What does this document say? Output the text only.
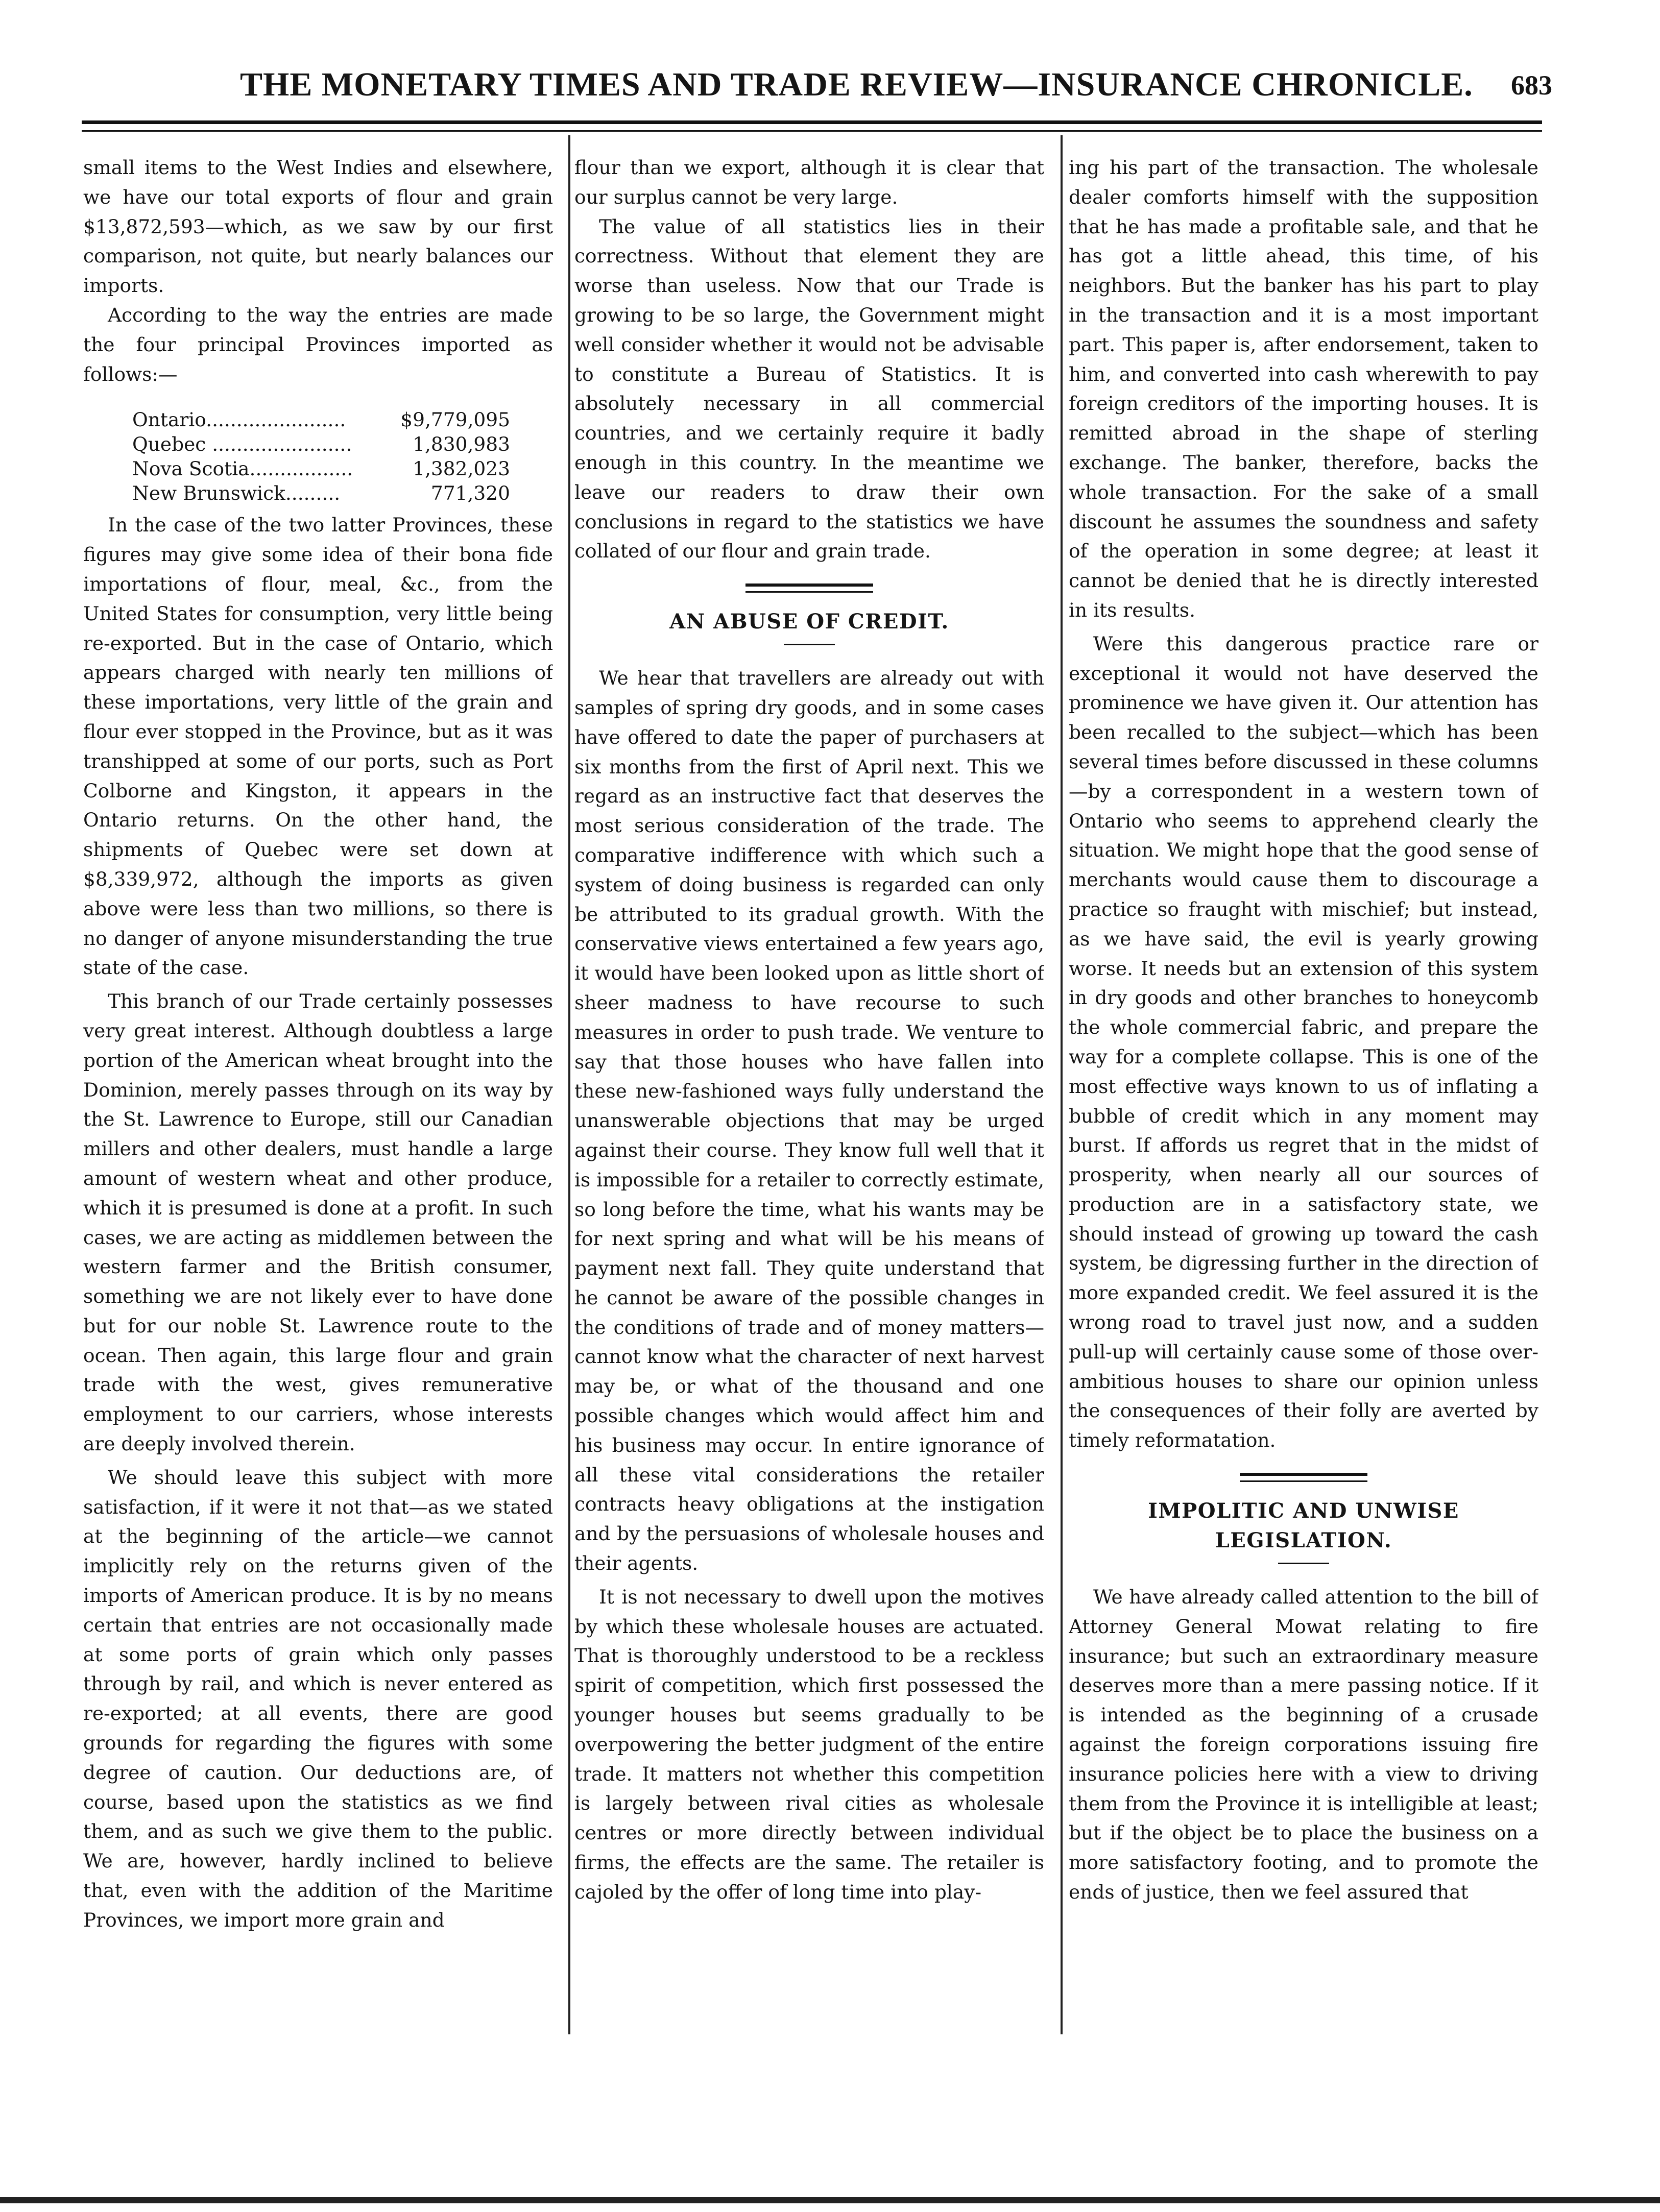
THE MONETARY TIMES AND TRADE REVIEW—INSURANCE CHRONICLE. 683

small items to the West Indies and elsewhere, we have our total exports of flour and grain $13,872,593—which, as we saw by our first comparison, not quite, but nearly balances our imports.

According to the way the entries are made the four principal Provinces imported as follows:—

Ontario.......................	$9,779,095
Quebec .......................	1,830,983
Nova Scotia.................	1,382,023
New Brunswick.........	771,320

In the case of the two latter Provinces, these figures may give some idea of their bona fide importations of flour, meal, &c., from the United States for consumption, very little being re-exported. But in the case of Ontario, which appears charged with nearly ten millions of these importations, very little of the grain and flour ever stopped in the Province, but as it was transhipped at some of our ports, such as Port Colborne and Kingston, it appears in the Ontario returns. On the other hand, the shipments of Quebec were set down at $8,339,972, although the imports as given above were less than two millions, so there is no danger of anyone misunderstanding the true state of the case.

This branch of our Trade certainly possesses very great interest. Although doubtless a large portion of the American wheat brought into the Dominion, merely passes through on its way by the St. Lawrence to Europe, still our Canadian millers and other dealers, must handle a large amount of western wheat and other produce, which it is presumed is done at a profit. In such cases, we are acting as middlemen between the western farmer and the British consumer, something we are not likely ever to have done but for our noble St. Lawrence route to the ocean. Then again, this large flour and grain trade with the west, gives remunerative employment to our carriers, whose interests are deeply involved therein.

We should leave this subject with more satisfaction, if it were it not that—as we stated at the beginning of the article—we cannot implicitly rely on the returns given of the imports of American produce. It is by no means certain that entries are not occasionally made at some ports of grain which only passes through by rail, and which is never entered as re-exported; at all events, there are good grounds for regarding the figures with some degree of caution. Our deductions are, of course, based upon the statistics as we find them, and as such we give them to the public. We are, however, hardly inclined to believe that, even with the addition of the Maritime Provinces, we import more grain and

flour than we export, although it is clear that our surplus cannot be very large.

The value of all statistics lies in their correctness. Without that element they are worse than useless. Now that our Trade is growing to be so large, the Government might well consider whether it would not be advisable to constitute a Bureau of Statistics. It is absolutely necessary in all commercial countries, and we certainly require it badly enough in this country. In the meantime we leave our readers to draw their own conclusions in regard to the statistics we have collated of our flour and grain trade.

AN ABUSE OF CREDIT.

We hear that travellers are already out with samples of spring dry goods, and in some cases have offered to date the paper of purchasers at six months from the first of April next. This we regard as an instructive fact that deserves the most serious consideration of the trade. The comparative indifference with which such a system of doing business is regarded can only be attributed to its gradual growth. With the conservative views entertained a few years ago, it would have been looked upon as little short of sheer madness to have recourse to such measures in order to push trade. We venture to say that those houses who have fallen into these new-fashioned ways fully understand the unanswerable objections that may be urged against their course. They know full well that it is impossible for a retailer to correctly estimate, so long before the time, what his wants may be for next spring and what will be his means of payment next fall. They quite understand that he cannot be aware of the possible changes in the conditions of trade and of money matters—cannot know what the character of next harvest may be, or what of the thousand and one possible changes which would affect him and his business may occur. In entire ignorance of all these vital considerations the retailer contracts heavy obligations at the instigation and by the persuasions of wholesale houses and their agents.

It is not necessary to dwell upon the motives by which these wholesale houses are actuated. That is thoroughly understood to be a reckless spirit of competition, which first possessed the younger houses but seems gradually to be overpowering the better judgment of the entire trade. It matters not whether this competition is largely between rival cities as wholesale centres or more directly between individual firms, the effects are the same. The retailer is cajoled by the offer of long time into play-

ing his part of the transaction. The wholesale dealer comforts himself with the supposition that he has made a profitable sale, and that he has got a little ahead, this time, of his neighbors. But the banker has his part to play in the transaction and it is a most important part. This paper is, after endorsement, taken to him, and converted into cash wherewith to pay foreign creditors of the importing houses. It is remitted abroad in the shape of sterling exchange. The banker, therefore, backs the whole transaction. For the sake of a small discount he assumes the soundness and safety of the operation in some degree; at least it cannot be denied that he is directly interested in its results.

Were this dangerous practice rare or exceptional it would not have deserved the prominence we have given it. Our attention has been recalled to the subject—which has been several times before discussed in these columns—by a correspondent in a western town of Ontario who seems to apprehend clearly the situation. We might hope that the good sense of merchants would cause them to discourage a practice so fraught with mischief; but instead, as we have said, the evil is yearly growing worse. It needs but an extension of this system in dry goods and other branches to honeycomb the whole commercial fabric, and prepare the way for a complete collapse. This is one of the most effective ways known to us of inflating a bubble of credit which in any moment may burst. If affords us regret that in the midst of prosperity, when nearly all our sources of production are in a satisfactory state, we should instead of growing up toward the cash system, be digressing further in the direction of more expanded credit. We feel assured it is the wrong road to travel just now, and a sudden pull-up will certainly cause some of those over-ambitious houses to share our opinion unless the consequences of their folly are averted by timely reformatation.

IMPOLITIC AND UNWISE LEGISLATION.

We have already called attention to the bill of Attorney General Mowat relating to fire insurance; but such an extraordinary measure deserves more than a mere passing notice. If it is intended as the beginning of a crusade against the foreign corporations issuing fire insurance policies here with a view to driving them from the Province it is intelligible at least; but if the object be to place the business on a more satisfactory footing, and to promote the ends of justice, then we feel assured that
